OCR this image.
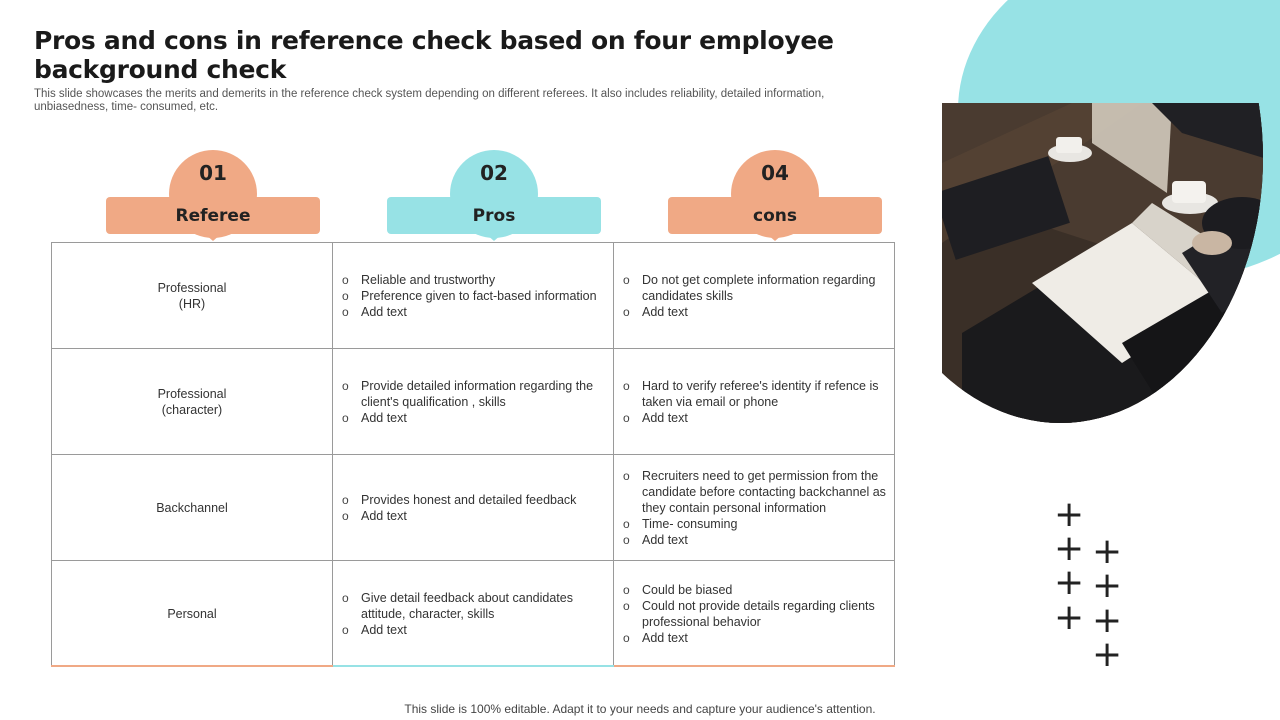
Pros and cons in reference check based on four employee background check
This slide showcases the merits and demerits in the reference check system depending on different referees. It also includes reliability, detailed information, unbiasedness, time- consumed, etc.
01
Referee
02
Pros
04
cons
Professional
(HR)
o Reliable and trustworthy
o Preference given to fact-based information
o Add text
o Do not get complete information regarding candidates skills
o Add text
Professional
(character)
o Provide detailed information regarding the client's qualification , skills
o Add text
o Hard to verify referee's identity if refence is taken via email or phone
o Add text
Backchannel
o Provides honest and detailed feedback
o Add text
o Recruiters need to get permission from the candidate before contacting backchannel as they contain personal information
o Time- consuming
o Add text
Personal
o Give detail feedback about candidates attitude, character, skills
o Add text
o Could be biased
o Could not provide details regarding clients professional behavior
o Add text
+
+ +
+ +
+ +
+
This slide is 100% editable. Adapt it to your needs and capture your audience's attention.
